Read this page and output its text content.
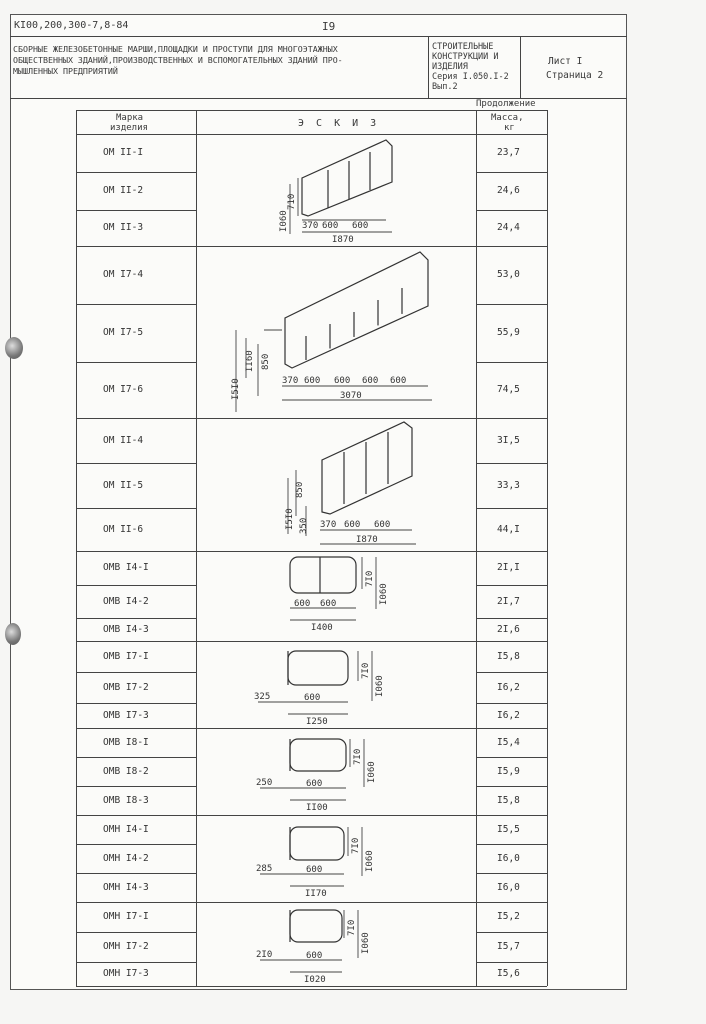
КI00,200,300-7,8-84	I9
СБОРНЫЕ ЖЕЛЕЗОБЕТОННЫЕ МАРШИ,ПЛОЩАДКИ И ПРОСТУПИ ДЛЯ МНОГОЭТАЖНЫХ
ОБЩЕСТВЕННЫХ ЗДАНИЙ,ПРОИЗВОДСТВЕННЫХ И ВСПОМОГАТЕЛЬНЫХ ЗДАНИЙ ПРО-
МЫШЛЕННЫХ ПРЕДПРИЯТИЙ
СТРОИТЕЛЬНЫЕ
КОНСТРУКЦИИ И
ИЗДЕЛИЯ
Серия I.050.I-2
Вып.2
Лист I
Страница 2
Продолжение
Марка
изделия	Э С К И З	Масса,
кг
ОМ II-I	23,7
ОМ II-2	24,6
ОМ II-3	24,4
ОМ I7-4	53,0
ОМ I7-5	55,9
ОМ I7-6	74,5
ОМ II-4	3I,5
ОМ II-5	33,3
ОМ II-6	44,I
ОМВ I4-I	2I,I
ОМВ I4-2	2I,7
ОМВ I4-3	2I,6
ОМВ I7-I	I5,8
ОМВ I7-2	I6,2
ОМВ I7-3	I6,2
ОМВ I8-I	I5,4
ОМВ I8-2	I5,9
ОМВ I8-3	I5,8
ОМН I4-I	I5,5
ОМН I4-2	I6,0
ОМН I4-3	I6,0
ОМН I7-I	I5,2
ОМН I7-2	I5,7
ОМН I7-3	I5,6
710
I060 370 600 600
I870
850
II60
I5I0	370 600 600 600 600
3070
850
I5I0 350 370 600 600
I870
7I0
I060
600 600
I400
7I0
I060
325	600
I250
7I0
I060
250	600
II00
7I0
I060
285	600
II70
7I0
I060
2I0	600
I020
